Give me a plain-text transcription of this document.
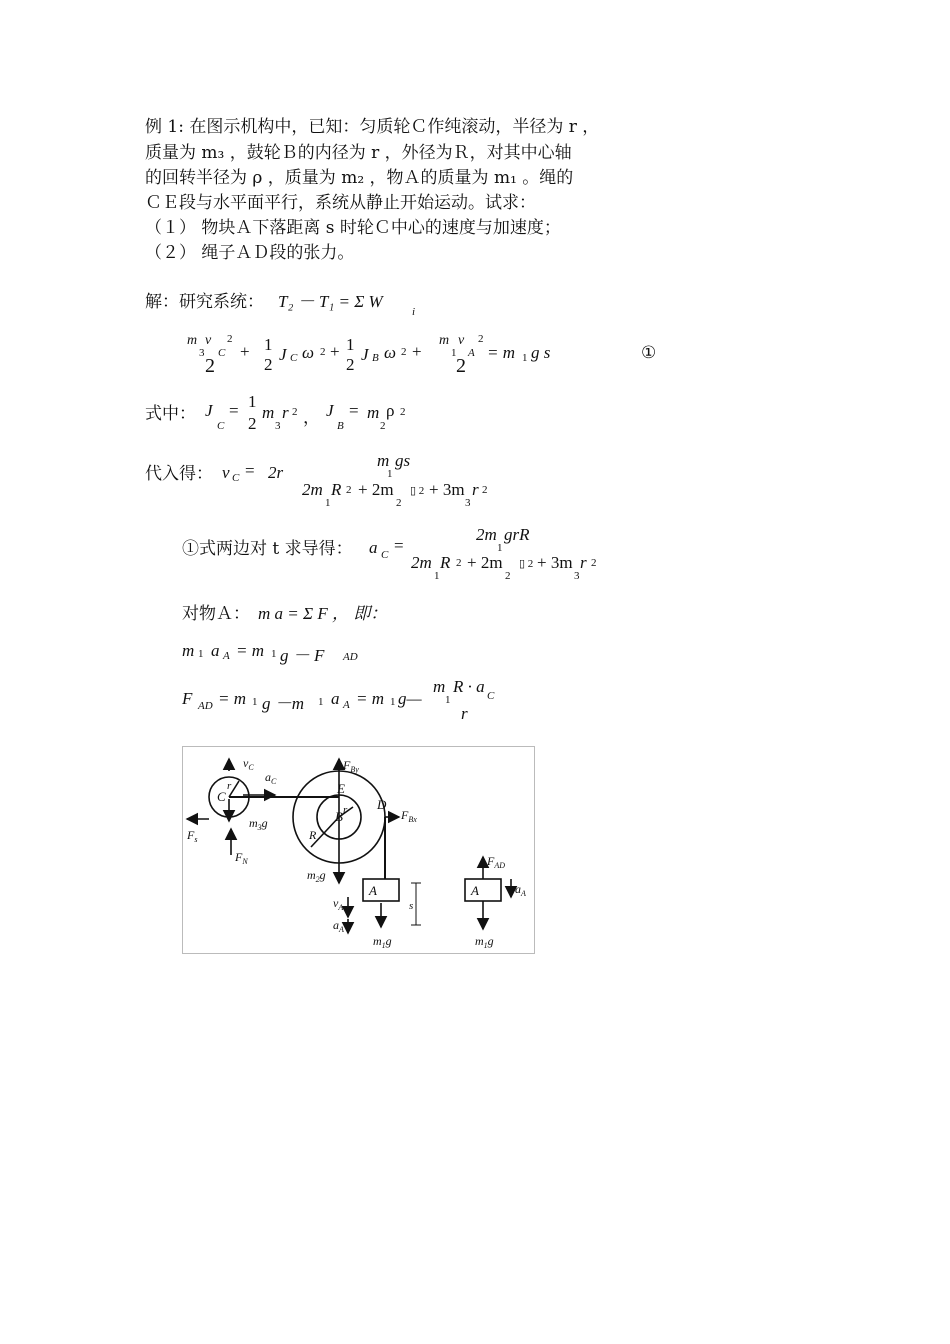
例 1: 在图示机构中，已知：匀质轮Ｃ作纯滚动，半径为 r ，
质量为 m₃ ，鼓轮Ｂ的内径为 r ，外径为Ｒ，对其中心轴
的回转半径为 ρ ，质量为 m₂ ，物Ａ的质量为 m₁ 。绳的
ＣＥ段与水平面平行，系统从静止开始运动。试求：
（１） 物块Ａ下落距离 s 时轮Ｃ中心的速度与加速度；
（２） 绳子ＡＤ段的张力。
解：研究系统： T₂ － T₁ = Σ W
i
m v 2
3 C
2
+ 1
2
J C ω 2 + 1
2
J B ω 2 +
m v 2
1 A
2
= m 1 g s	①
式中： J
C
= 1
2
m r 2
3 ， J
B
= m ρ 2
2
代入得： v C = 2r
m
1
gs
2m R 2 + 2m
1	2
▯ 2 + 3m r 2
3
①式两边对 t 求导得： a C =
2m
1
grR
2m R 2 + 2m
1	2
▯ 2 + 3m r 2
3
对物Ａ： m a = Σ F ， 即：
m 1 a A = m 1 g － F AD
F AD = m 1 g －m 1 a A = m 1 g—
m
1
R · a C
r
C
r
B r
R
E
D
A	A
$v_C$
$a_C$
$m_3g$
$F_s$
$F_N$
$F_{By}$
$F_{Bx}$
$m_2g$
$v_A$
$a_A$
$m_1g$
s
$F_{AD}$
$a_A$
$m_1g$
